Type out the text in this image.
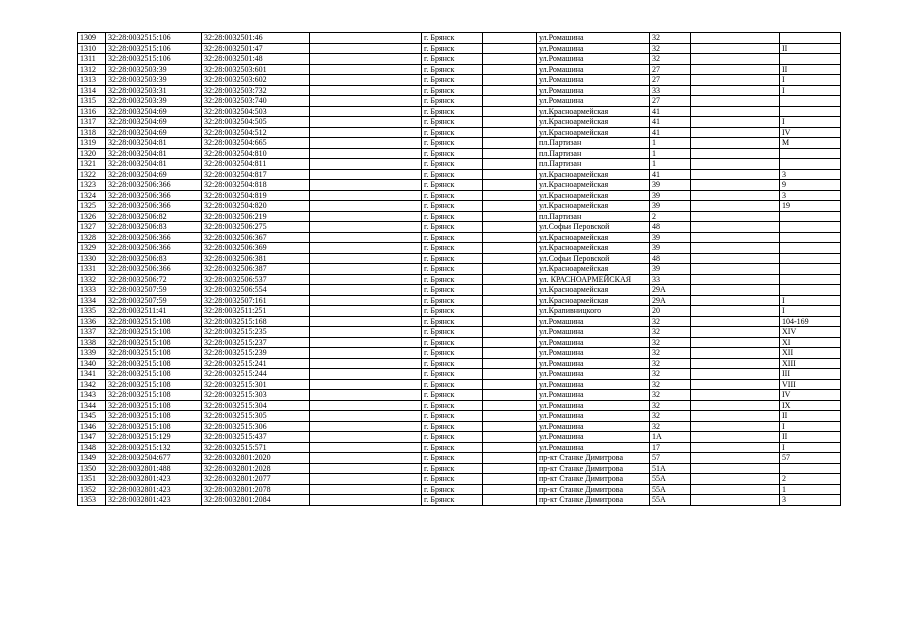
1309	32:28:0032515:106	32:28:0032501:46		г. Брянск		ул.Ромашина	32		
1310	32:28:0032515:106	32:28:0032501:47		г. Брянск		ул.Ромашина	32		II
1311	32:28:0032515:106	32:28:0032501:48		г. Брянск		ул.Ромашина	32		
1312	32:28:0032503:39	32:28:0032503:601		г. Брянск		ул.Ромашина	27		II
1313	32:28:0032503:39	32:28:0032503:602		г. Брянск		ул.Ромашина	27		I
1314	32:28:0032503:31	32:28:0032503:732		г. Брянск		ул.Ромашина	33		I
1315	32:28:0032503:39	32:28:0032503:740		г. Брянск		ул.Ромашина	27		
1316	32:28:0032504:69	32:28:0032504:503		г. Брянск		ул.Красноармейская	41		
1317	32:28:0032504:69	32:28:0032504:505		г. Брянск		ул.Красноармейская	41		I
1318	32:28:0032504:69	32:28:0032504:512		г. Брянск		ул.Красноармейская	41		IV
1319	32:28:0032504:81	32:28:0032504:665		г. Брянск		пл.Партизан	1		M
1320	32:28:0032504:81	32:28:0032504:810		г. Брянск		пл.Партизан	1		
1321	32:28:0032504:81	32:28:0032504:811		г. Брянск		пл.Партизан	1		
1322	32:28:0032504:69	32:28:0032504:817		г. Брянск		ул.Красноармейская	41		3
1323	32:28:0032506:366	32:28:0032504:818		г. Брянск		ул.Красноармейская	39		9
1324	32:28:0032506:366	32:28:0032504:819		г. Брянск		ул.Красноармейская	39		3
1325	32:28:0032506:366	32:28:0032504:820		г. Брянск		ул.Красноармейская	39		19
1326	32:28:0032506:82	32:28:0032506:219		г. Брянск		пл.Партизан	2		
1327	32:28:0032506:83	32:28:0032506:275		г. Брянск		ул.Софьи Перовской	48		
1328	32:28:0032506:366	32:28:0032506:367		г. Брянск		ул.Красноармейская	39		
1329	32:28:0032506:366	32:28:0032506:369		г. Брянск		ул.Красноармейская	39		
1330	32:28:0032506:83	32:28:0032506:381		г. Брянск		ул.Софьи Перовской	48		
1331	32:28:0032506:366	32:28:0032506:387		г. Брянск		ул.Красноармейская	39		
1332	32:28:0032506:72	32:28:0032506:537		г. Брянск		ул. КРАСНОАРМЕЙСКАЯ	33		
1333	32:28:0032507:59	32:28:0032506:554		г. Брянск		ул.Красноармейская	29А		
1334	32:28:0032507:59	32:28:0032507:161		г. Брянск		ул.Красноармейская	29А		I
1335	32:28:0032511:41	32:28:0032511:251		г. Брянск		ул.Крапивницкого	20		I
1336	32:28:0032515:108	32:28:0032515:168		г. Брянск		ул.Ромашина	32		104-169
1337	32:28:0032515:108	32:28:0032515:235		г. Брянск		ул.Ромашина	32		XIV
1338	32:28:0032515:108	32:28:0032515:237		г. Брянск		ул.Ромашина	32		XI
1339	32:28:0032515:108	32:28:0032515:239		г. Брянск		ул.Ромашина	32		XII
1340	32:28:0032515:108	32:28:0032515:241		г. Брянск		ул.Ромашина	32		XIII
1341	32:28:0032515:108	32:28:0032515:244		г. Брянск		ул.Ромашина	32		III
1342	32:28:0032515:108	32:28:0032515:301		г. Брянск		ул.Ромашина	32		VIII
1343	32:28:0032515:108	32:28:0032515:303		г. Брянск		ул.Ромашина	32		IV
1344	32:28:0032515:108	32:28:0032515:304		г. Брянск		ул.Ромашина	32		IX
1345	32:28:0032515:108	32:28:0032515:305		г. Брянск		ул.Ромашина	32		II
1346	32:28:0032515:108	32:28:0032515:306		г. Брянск		ул.Ромашина	32		I
1347	32:28:0032515:129	32:28:0032515:437		г. Брянск		ул.Ромашина	1А		II
1348	32:28:0032515:132	32:28:0032515:571		г. Брянск		ул.Ромашина	17		I
1349	32:28:0032504:677	32:28:0032801:2020		г. Брянск		пр-кт Станке Димитрова	57		57
1350	32:28:0032801:488	32:28:0032801:2028		г. Брянск		пр-кт Станке Димитрова	51А		
1351	32:28:0032801:423	32:28:0032801:2077		г. Брянск		пр-кт Станке Димитрова	55А		2
1352	32:28:0032801:423	32:28:0032801:2078		г. Брянск		пр-кт Станке Димитрова	55А		1
1353	32:28:0032801:423	32:28:0032801:2084		г. Брянск		пр-кт Станке Димитрова	55А		3
